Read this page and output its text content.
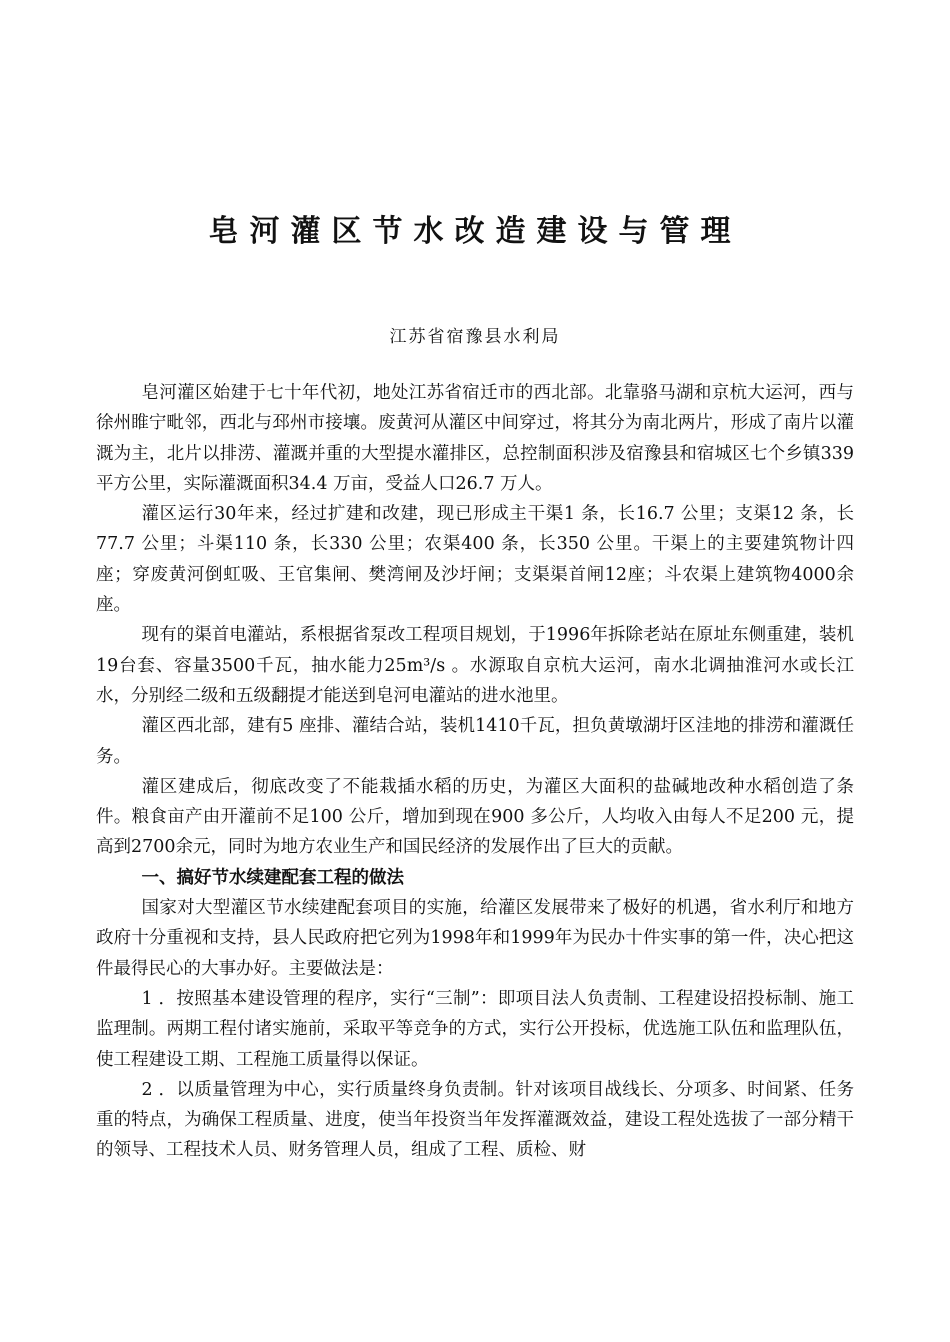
皂河灌区节水改造建设与管理
江苏省宿豫县水利局

皂河灌区始建于七十年代初，地处江苏省宿迁市的西北部。北靠骆马湖和京杭大运河，西与徐州睢宁毗邻，西北与邳州市接壤。废黄河从灌区中间穿过，将其分为南北两片，形成了南片以灌溉为主，北片以排涝、灌溉并重的大型提水灌排区，总控制面积涉及宿豫县和宿城区七个乡镇339 平方公里，实际灌溉面积34.4 万亩，受益人口26.7 万人。

灌区运行30年来，经过扩建和改建，现已形成主干渠1 条，长16.7 公里；支渠12 条，长77.7 公里；斗渠110 条，长330 公里；农渠400 条，长350 公里。干渠上的主要建筑物计四座；穿废黄河倒虹吸、王官集闸、樊湾闸及沙圩闸；支渠渠首闸12座；斗农渠上建筑物4000余座。

现有的渠首电灌站，系根据省泵改工程项目规划，于1996年拆除老站在原址东侧重建，装机19台套、容量3500千瓦，抽水能力25m³/s 。水源取自京杭大运河，南水北调抽淮河水或长江水，分别经二级和五级翻提才能送到皂河电灌站的进水池里。

灌区西北部，建有5 座排、灌结合站，装机1410千瓦，担负黄墩湖圩区洼地的排涝和灌溉任务。

灌区建成后，彻底改变了不能栽插水稻的历史，为灌区大面积的盐碱地改种水稻创造了条件。粮食亩产由开灌前不足100 公斤，增加到现在900 多公斤，人均收入由每人不足200 元，提高到2700余元，同时为地方农业生产和国民经济的发展作出了巨大的贡献。

一、搞好节水续建配套工程的做法

国家对大型灌区节水续建配套项目的实施，给灌区发展带来了极好的机遇，省水利厅和地方政府十分重视和支持，县人民政府把它列为1998年和1999年为民办十件实事的第一件，决心把这件最得民心的大事办好。主要做法是：

1 ．按照基本建设管理的程序，实行“三制”：即项目法人负责制、工程建设招投标制、施工监理制。两期工程付诸实施前，采取平等竞争的方式，实行公开投标，优选施工队伍和监理队伍，使工程建设工期、工程施工质量得以保证。

2 ．以质量管理为中心，实行质量终身负责制。针对该项目战线长、分项多、时间紧、任务重的特点，为确保工程质量、进度，使当年投资当年发挥灌溉效益，建设工程处选拔了一部分精干的领导、工程技术人员、财务管理人员，组成了工程、质检、财
